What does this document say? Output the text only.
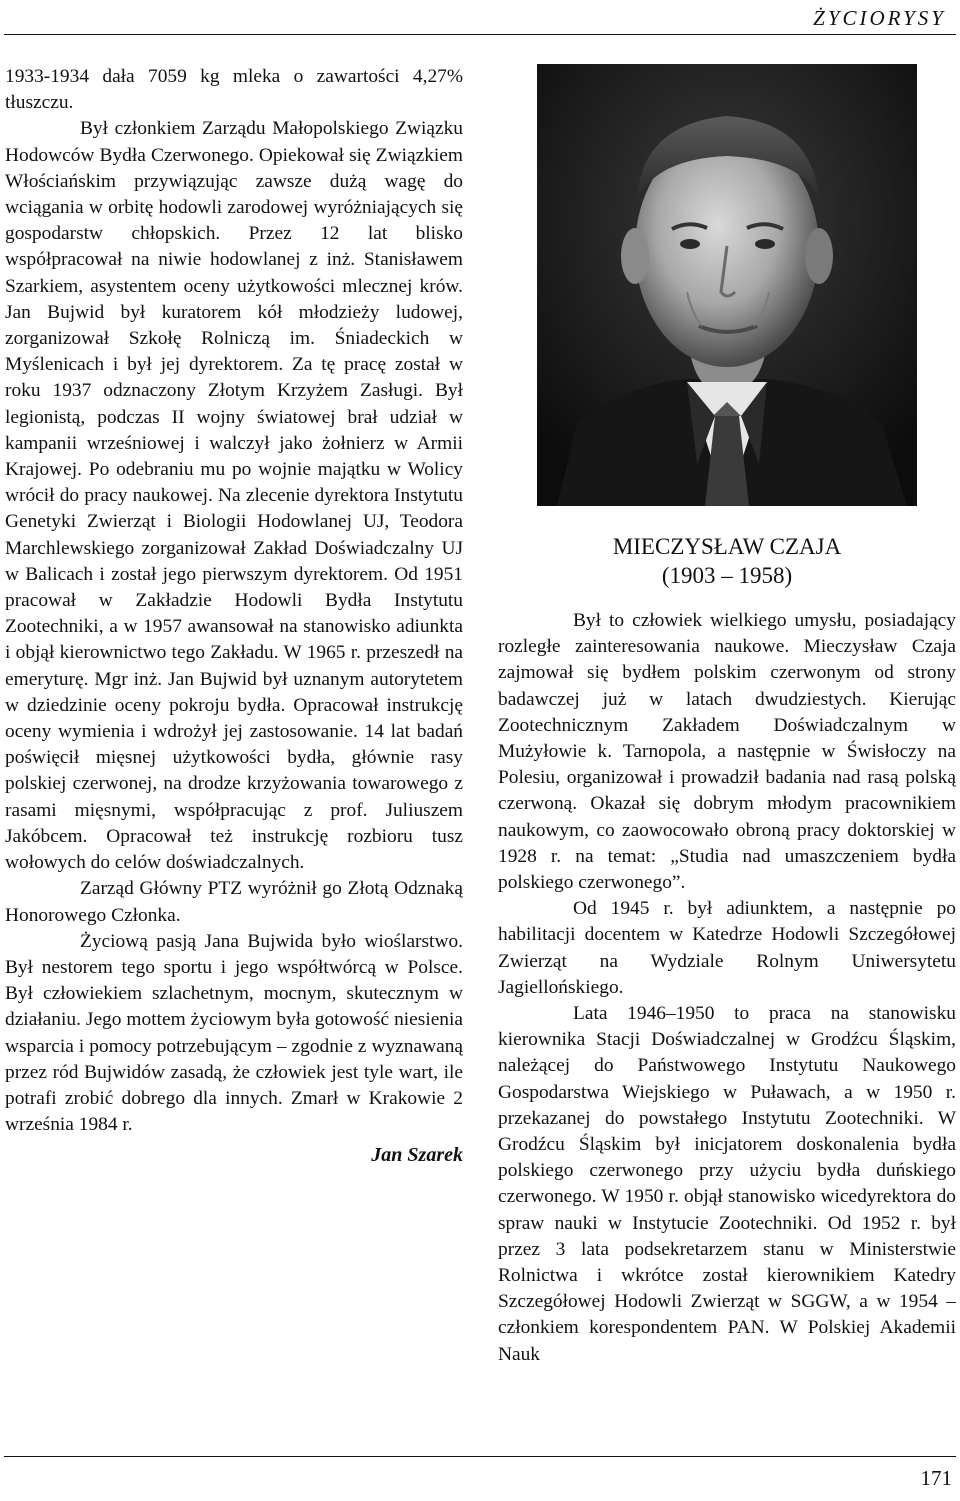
ŻYCIORYSY

1933-1934 dała 7059 kg mleka o zawartości 4,27% tłuszczu.

Był członkiem Zarządu Małopolskiego Związku Hodowców Bydła Czerwonego. Opiekował się Związkiem Włościańskim przywiązując zawsze dużą wagę do wciągania w orbitę hodowli zarodowej wyróżniających się gospodarstw chłopskich. Przez 12 lat blisko współpracował na niwie hodowlanej z inż. Stanisławem Szarkiem, asystentem oceny użytkowości mlecznej krów. Jan Bujwid był kuratorem kół młodzieży ludowej, zorganizował Szkołę Rolniczą im. Śniadeckich w Myślenicach i był jej dyrektorem. Za tę pracę został w roku 1937 odznaczony Złotym Krzyżem Zasługi. Był legionistą, podczas II wojny światowej brał udział w kampanii wrześniowej i walczył jako żołnierz w Armii Krajowej. Po odebraniu mu po wojnie majątku w Wolicy wrócił do pracy naukowej. Na zlecenie dyrektora Instytutu Genetyki Zwierząt i Biologii Hodowlanej UJ, Teodora Marchlewskiego zorganizował Zakład Doświadczalny UJ w Balicach i został jego pierwszym dyrektorem. Od 1951 pracował w Zakładzie Hodowli Bydła Instytutu Zootechniki, a w 1957 awansował na stanowisko adiunkta i objął kierownictwo tego Zakładu. W 1965 r. przeszedł na emeryturę. Mgr inż. Jan Bujwid był uznanym autorytetem w dziedzinie oceny pokroju bydła. Opracował instrukcję oceny wymienia i wdrożył jej zastosowanie. 14 lat badań poświęcił mięsnej użytkowości bydła, głównie rasy polskiej czerwonej, na drodze krzyżowania towarowego z rasami mięsnymi, współpracując z prof. Juliuszem Jakóbcem. Opracował też instrukcję rozbioru tusz wołowych do celów doświadczalnych.

Zarząd Główny PTZ wyróżnił go Złotą Odznaką Honorowego Członka.

Życiową pasją Jana Bujwida było wioślarstwo. Był nestorem tego sportu i jego współtwórcą w Polsce. Był człowiekiem szlachetnym, mocnym, skutecznym w działaniu. Jego mottem życiowym była gotowość niesienia wsparcia i pomocy potrzebującym – zgodnie z wyznawaną przez ród Bujwidów zasadą, że człowiek jest tyle wart, ile potrafi zrobić dobrego dla innych. Zmarł w Krakowie 2 września 1984 r.

Jan Szarek
MIECZYSŁAW CZAJA
(1903 – 1958)

Był to człowiek wielkiego umysłu, posiadający rozległe zainteresowania naukowe. Mieczysław Czaja zajmował się bydłem polskim czerwonym od strony badawczej już w latach dwudziestych. Kierując Zootechnicznym Zakładem Doświadczalnym w Mużyłowie k. Tarnopola, a następnie w Świsłoczy na Polesiu, organizował i prowadził badania nad rasą polską czerwoną. Okazał się dobrym młodym pracownikiem naukowym, co zaowocowało obroną pracy doktorskiej w 1928 r. na temat: „Studia nad umaszczeniem bydła polskiego czerwonego”.

Od 1945 r. był adiunktem, a następnie po habilitacji docentem w Katedrze Hodowli Szczegółowej Zwierząt na Wydziale Rolnym Uniwersytetu Jagiellońskiego.

Lata 1946–1950 to praca na stanowisku kierownika Stacji Doświadczalnej w Grodźcu Śląskim, należącej do Państwowego Instytutu Naukowego Gospodarstwa Wiejskiego w Puławach, a w 1950 r. przekazanej do powstałego Instytutu Zootechniki. W Grodźcu Śląskim był inicjatorem doskonalenia bydła polskiego czerwonego przy użyciu bydła duńskiego czerwonego. W 1950 r. objął stanowisko wicedyrektora do spraw nauki w Instytucie Zootechniki. Od 1952 r. był przez 3 lata podsekretarzem stanu w Ministerstwie Rolnictwa i wkrótce został kierownikiem Katedry Szczegółowej Hodowli Zwierząt w SGGW, a w 1954 – członkiem korespondentem PAN. W Polskiej Akademii Nauk

171
